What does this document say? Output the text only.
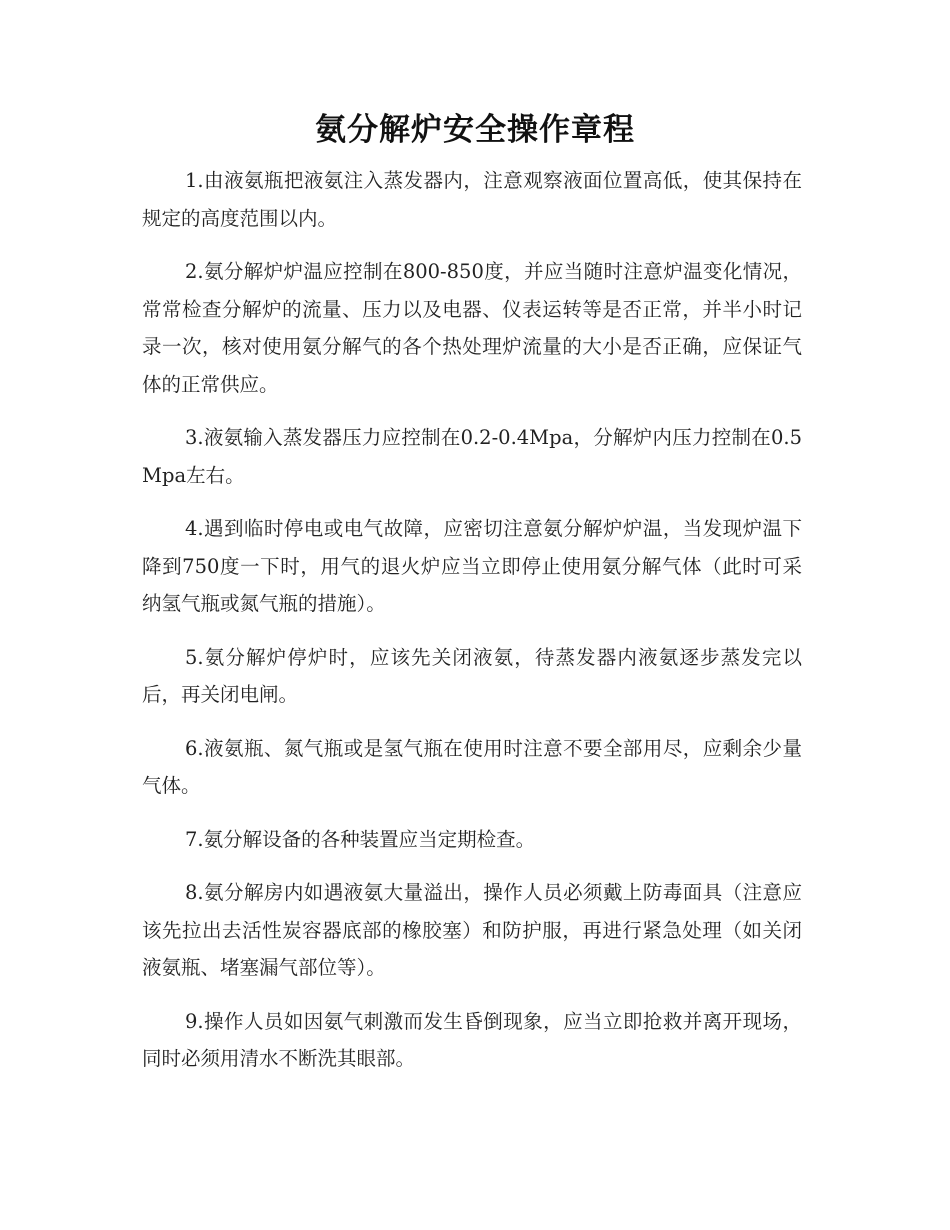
氨分解炉安全操作章程

1.由液氨瓶把液氨注入蒸发器内，注意观察液面位置高低，使其保持在规定的高度范围以内。

2.氨分解炉炉温应控制在800-850度，并应当随时注意炉温变化情况，常常检查分解炉的流量、压力以及电器、仪表运转等是否正常，并半小时记录一次，核对使用氨分解气的各个热处理炉流量的大小是否正确，应保证气体的正常供应。

3.液氨输入蒸发器压力应控制在0.2-0.4Mpa，分解炉内压力控制在0.5Mpa左右。

4.遇到临时停电或电气故障，应密切注意氨分解炉炉温，当发现炉温下降到750度一下时，用气的退火炉应当立即停止使用氨分解气体（此时可采纳氢气瓶或氮气瓶的措施）。

5.氨分解炉停炉时，应该先关闭液氨，待蒸发器内液氨逐步蒸发完以后，再关闭电闸。

6.液氨瓶、氮气瓶或是氢气瓶在使用时注意不要全部用尽，应剩余少量气体。

7.氨分解设备的各种装置应当定期检查。

8.氨分解房内如遇液氨大量溢出，操作人员必须戴上防毒面具（注意应该先拉出去活性炭容器底部的橡胶塞）和防护服，再进行紧急处理（如关闭液氨瓶、堵塞漏气部位等）。

9.操作人员如因氨气刺激而发生昏倒现象，应当立即抢救并离开现场，同时必须用清水不断洗其眼部。
